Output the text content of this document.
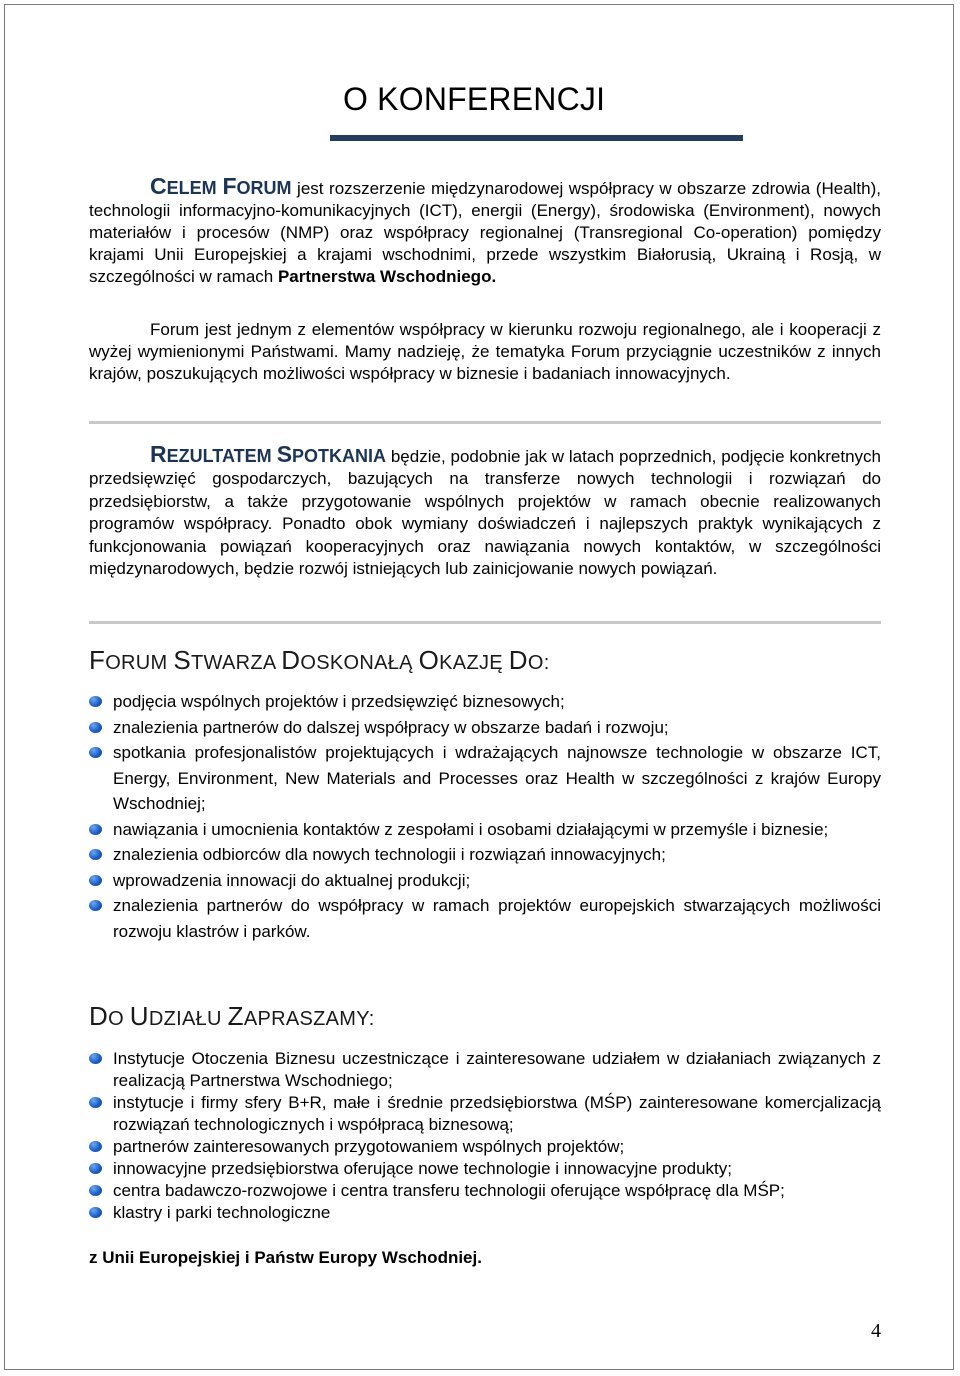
O KONFERENCJI

CELEM FORUM jest rozszerzenie międzynarodowej współpracy w obszarze zdrowia (Health), technologii informacyjno-komunikacyjnych (ICT), energii (Energy), środowiska (Environment), nowych materiałów i procesów (NMP) oraz współpracy regionalnej (Transregional Co-operation) pomiędzy krajami Unii Europejskiej a krajami wschodnimi, przede wszystkim Białorusią, Ukrainą i Rosją, w szczególności w ramach Partnerstwa Wschodniego.

Forum jest jednym z elementów współpracy w kierunku rozwoju regionalnego, ale i kooperacji z wyżej wymienionymi Państwami. Mamy nadzieję, że tematyka Forum przyciągnie uczestników z innych krajów, poszukujących możliwości współpracy w biznesie i badaniach innowacyjnych.

REZULTATEM SPOTKANIA będzie, podobnie jak w latach poprzednich, podjęcie konkretnych przedsięwzięć gospodarczych, bazujących na transferze nowych technologii i rozwiązań do przedsiębiorstw, a także przygotowanie wspólnych projektów w ramach obecnie realizowanych programów współpracy. Ponadto obok wymiany doświadczeń i najlepszych praktyk wynikających z funkcjonowania powiązań kooperacyjnych oraz nawiązania nowych kontaktów, w szczególności międzynarodowych, będzie rozwój istniejących lub zainicjowanie nowych powiązań.

FORUM STWARZA DOSKONAŁĄ OKAZJĘ DO:
podjęcia wspólnych projektów i przedsięwzięć biznesowych;
znalezienia partnerów do dalszej współpracy w obszarze badań i rozwoju;
spotkania profesjonalistów projektujących i wdrażających najnowsze technologie w obszarze ICT, Energy, Environment, New Materials and Processes oraz Health w szczególności z krajów Europy Wschodniej;
nawiązania i umocnienia kontaktów z zespołami i osobami działającymi w przemyśle i biznesie;
znalezienia odbiorców dla nowych technologii i rozwiązań innowacyjnych;
wprowadzenia innowacji do aktualnej produkcji;
znalezienia partnerów do współpracy w ramach projektów europejskich stwarzających możliwości rozwoju klastrów i parków.
DO UDZIAŁU ZAPRASZAMY:
Instytucje Otoczenia Biznesu uczestniczące i zainteresowane udziałem w działaniach związanych z realizacją Partnerstwa Wschodniego;
instytucje i firmy sfery B+R, małe i średnie przedsiębiorstwa (MŚP) zainteresowane komercjalizacją rozwiązań technologicznych i współpracą biznesową;
partnerów zainteresowanych przygotowaniem wspólnych projektów;
innowacyjne przedsiębiorstwa oferujące nowe technologie i innowacyjne produkty;
centra badawczo-rozwojowe i centra transferu technologii oferujące współpracę dla MŚP;
klastry i parki technologiczne

z Unii Europejskiej i Państw Europy Wschodniej.

4
